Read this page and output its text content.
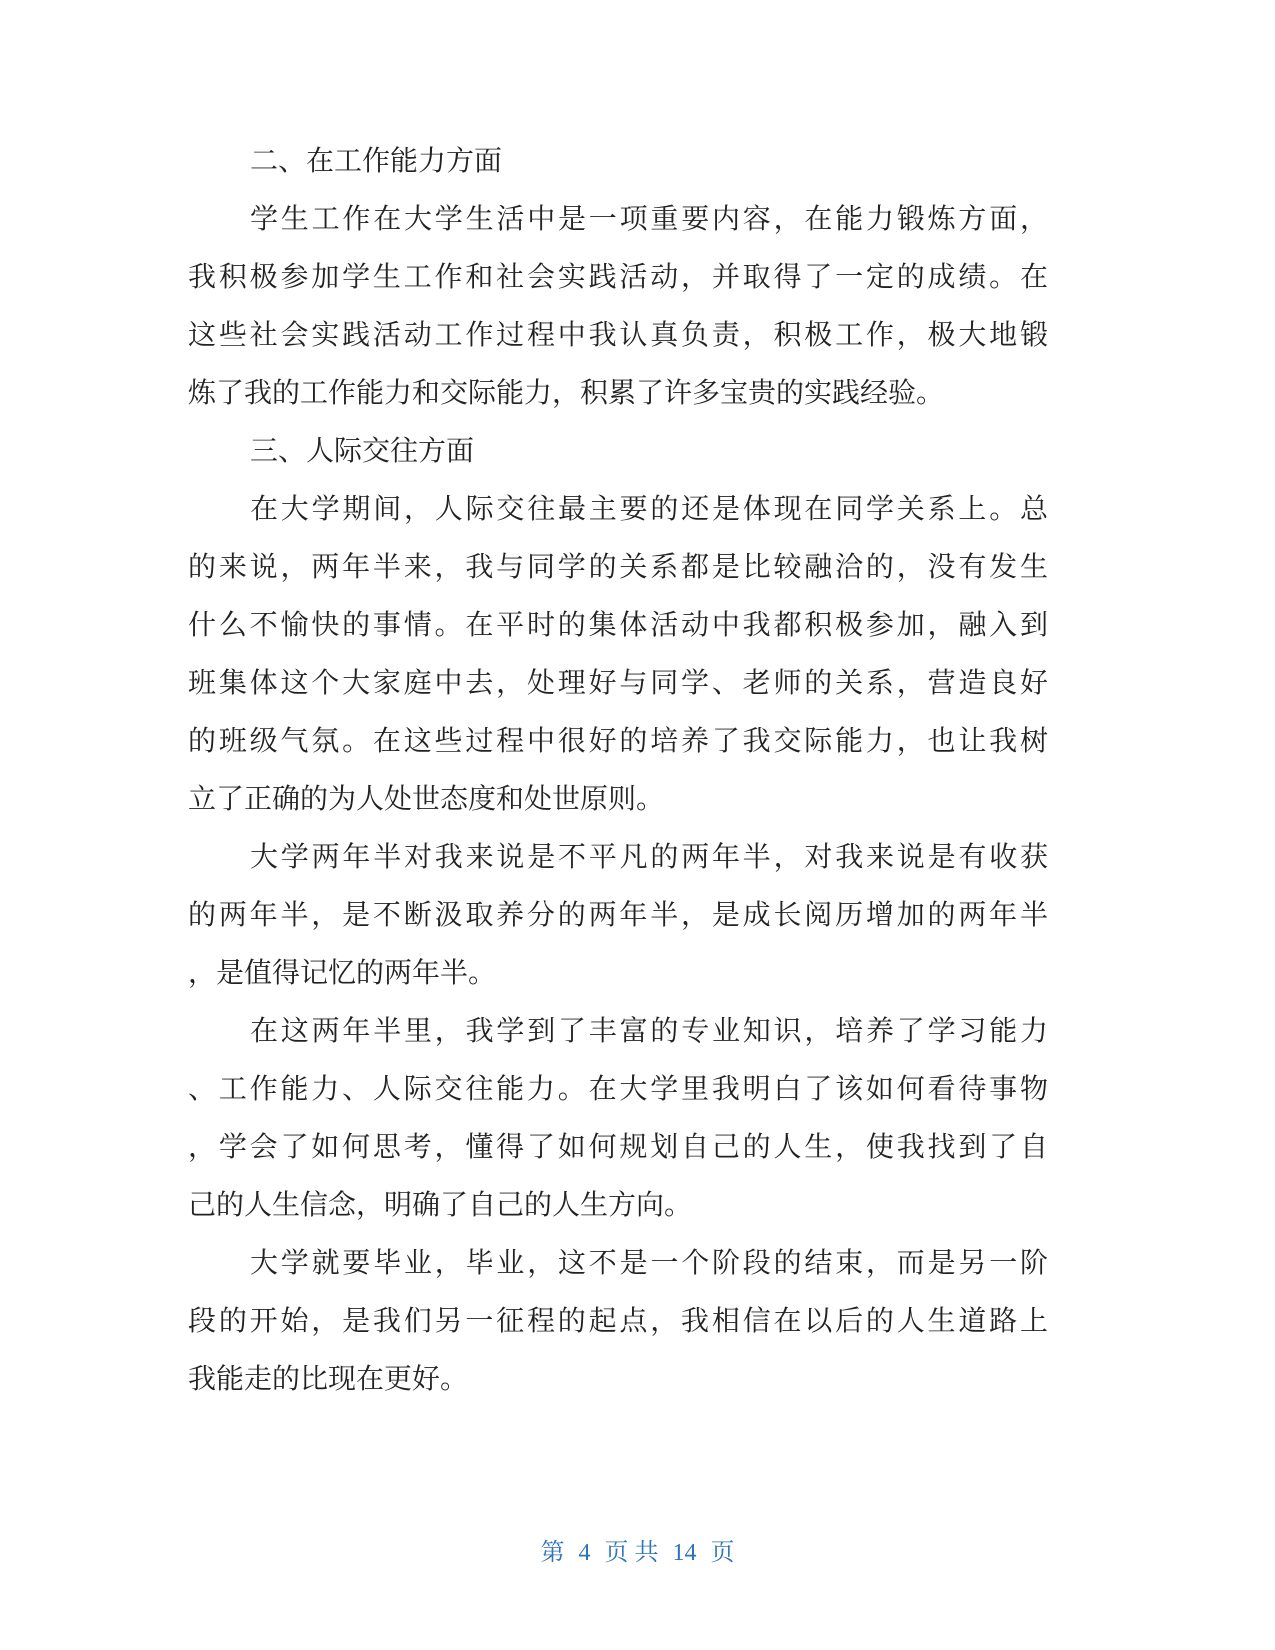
二、在工作能力方面
学生工作在大学生活中是一项重要内容，在能力锻炼方面，
我积极参加学生工作和社会实践活动，并取得了一定的成绩。在
这些社会实践活动工作过程中我认真负责，积极工作，极大地锻
炼了我的工作能力和交际能力，积累了许多宝贵的实践经验。
三、人际交往方面
在大学期间，人际交往最主要的还是体现在同学关系上。总
的来说，两年半来，我与同学的关系都是比较融洽的，没有发生
什么不愉快的事情。在平时的集体活动中我都积极参加，融入到
班集体这个大家庭中去，处理好与同学、老师的关系，营造良好
的班级气氛。在这些过程中很好的培养了我交际能力，也让我树
立了正确的为人处世态度和处世原则。
大学两年半对我来说是不平凡的两年半，对我来说是有收获
的两年半，是不断汲取养分的两年半，是成长阅历增加的两年半
，是值得记忆的两年半。
在这两年半里，我学到了丰富的专业知识，培养了学习能力
、工作能力、人际交往能力。在大学里我明白了该如何看待事物
，学会了如何思考，懂得了如何规划自己的人生，使我找到了自
己的人生信念，明确了自己的人生方向。
大学就要毕业，毕业，这不是一个阶段的结束，而是另一阶
段的开始，是我们另一征程的起点，我相信在以后的人生道路上
我能走的比现在更好。
第 4 页 共 14 页
